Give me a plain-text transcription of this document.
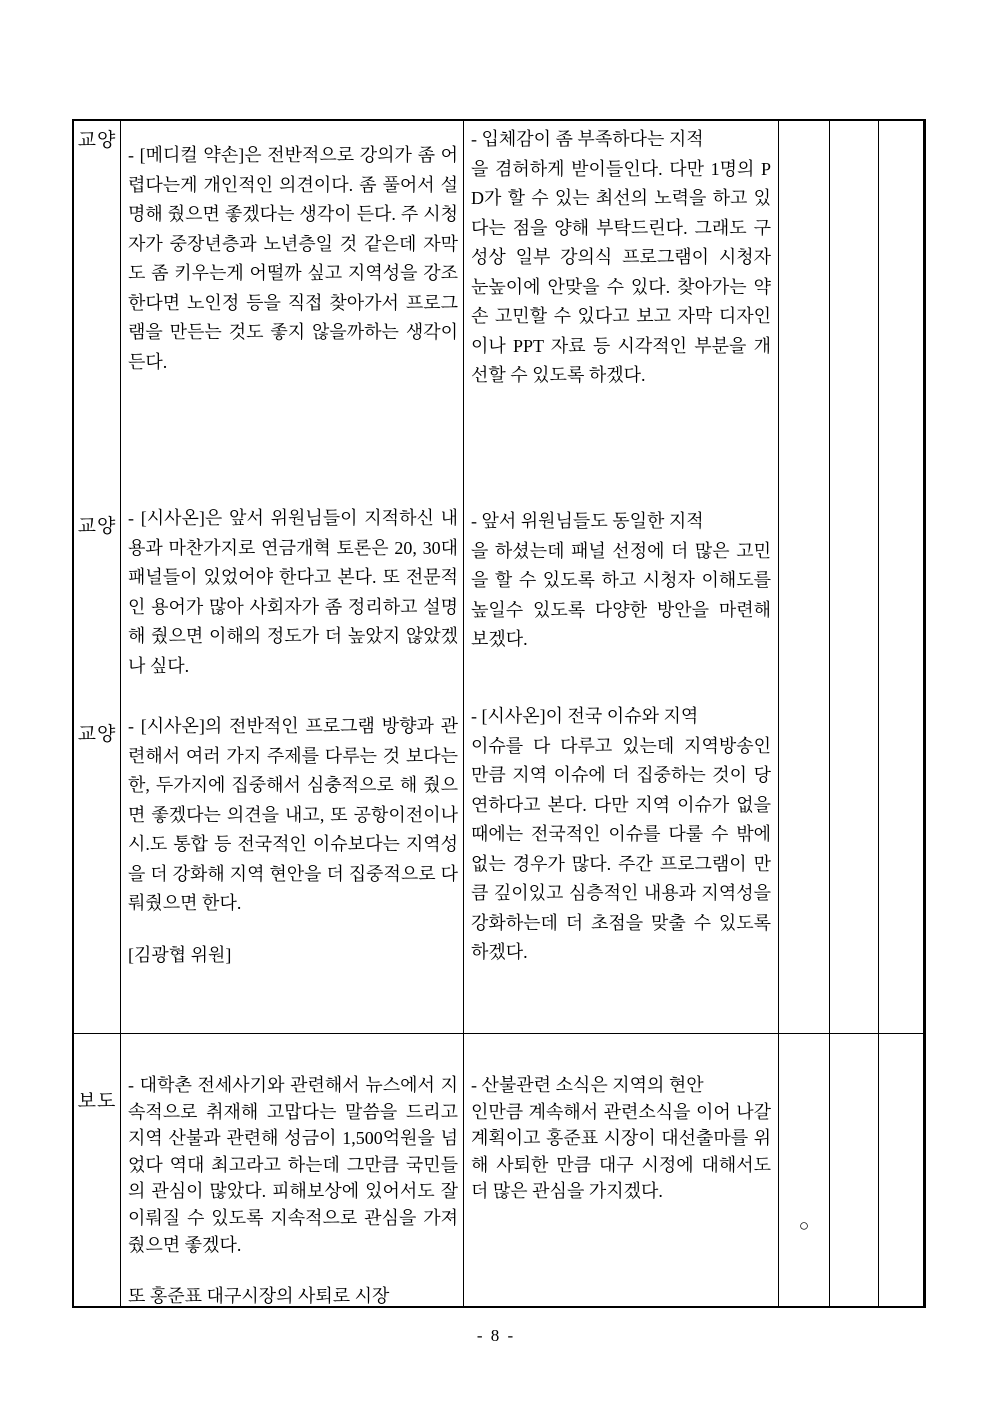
교양
교양
교양

- [메디컬 약손]은 전반적으로 강의가 좀 어렵다는게 개인적인 의견이다. 좀 풀어서 설명해 줬으면 좋겠다는 생각이 든다. 주 시청자가 중장년층과 노년층일 것 같은데 자막도 좀 키우는게 어떨까 싶고 지역성을 강조한다면 노인정 등을 직접 찾아가서 프로그램을 만든는 것도 좋지 않을까하는 생각이 든다.

- [시사온]은 앞서 위원님들이 지적하신 내용과 마찬가지로 연금개혁 토론은 20, 30대 패널들이 있었어야 한다고 본다. 또 전문적인 용어가 많아 사회자가 좀 정리하고 설명해 줬으면 이해의 정도가 더 높았지 않았겠나 싶다.

- [시사온]의 전반적인 프로그램 방향과 관련해서 여러 가지 주제를 다루는 것 보다는 한, 두가지에 집중해서 심충적으로 해 줬으면 좋겠다는 의견을 내고, 또 공항이전이나 시.도 통합 등 전국적인 이슈보다는 지역성을 더 강화해 지역 현안을 더 집중적으로 다뤄줬으면 한다.

[김광협 위원]

- 입체감이 좀 부족하다는 지적

을 겸허하게 받이들인다. 다만 1명의 PD가 할 수 있는 최선의 노력을 하고 있다는 점을 양해 부탁드린다. 그래도 구성상 일부 강의식 프로그램이 시청자 눈높이에 안맞을 수 있다. 찾아가는 약손 고민할 수 있다고 보고 자막 디자인이나 PPT 자료 등 시각적인 부분을 개선할 수 있도록 하겠다.

- 앞서 위원님들도 동일한 지적

을 하셨는데 패널 선정에 더 많은 고민을 할 수 있도록 하고 시청자 이해도를 높일수 있도록 다양한 방안을 마련해 보겠다.

- [시사온]이 전국 이슈와 지역

이슈를 다 다루고 있는데 지역방송인 만큼 지역 이슈에 더 집중하는 것이 당연하다고 본다. 다만 지역 이슈가 없을때에는 전국적인 이슈를 다룰 수 밖에 없는 경우가 많다. 주간 프로그램이 만큼 깊이있고 심층적인 내용과 지역성을 강화하는데 더 초점을 맞출 수 있도록 하겠다.

보도

- 대학촌 전세사기와 관련해서 뉴스에서 지속적으로 취재해 고맙다는 말씀을 드리고 지역 산불과 관련해 성금이 1,500억원을 넘었다 역대 최고라고 하는데 그만큼 국민들의 관심이 많았다. 피해보상에 있어서도 잘 이뤄질 수 있도록 지속적으로 관심을 가져줬으면 좋겠다.

또 홍준표 대구시장의 사퇴로 시장

- 산불관련 소식은 지역의 현안

인만큼 계속해서 관련소식을 이어 나갈 계획이고 홍준표 시장이 대선출마를 위해 사퇴한 만큼 대구 시정에 대해서도 더 많은 관심을 가지겠다.

○
- 8 -
